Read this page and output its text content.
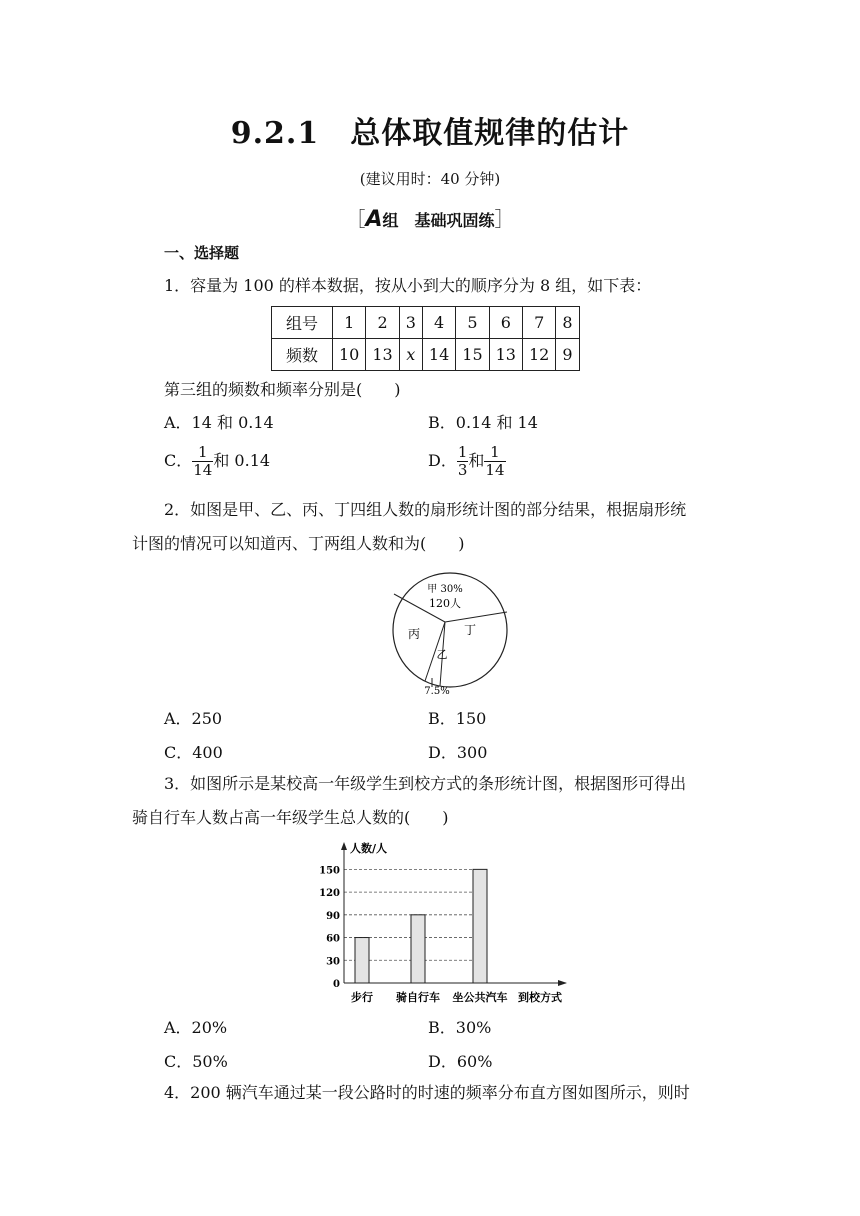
9.2.1　总体取值规律的估计
(建议用时：40 分钟)
［A组　基础巩固练］
一、选择题
1．容量为 100 的样本数据，按从小到大的顺序分为 8 组，如下表：
组号	1	2	3	4	5	6	7	8
频数	10	13	x	14	15	13	12	9
第三组的频数和频率分别是(　　)
A．14 和 0.14	B．0.14 和 14
C． $\frac{1}{14}$ 和 0.14	D． $\frac{1}{3}$ 和 $\frac{1}{14}$
2．如图是甲、乙、丙、丁四组人数的扇形统计图的部分结果，根据扇形统
计图的情况可以知道丙、丁两组人数和为(　　)
甲 30%
120人
丙	丁
乙
7.5%
A．250	B．150
C．400	D．300
3．如图所示是某校高一年级学生到校方式的条形统计图，根据图形可得出
骑自行车人数占高一年级学生总人数的(　　)
0
30
60
90
120
150
步行 骑自行车 坐公共汽车
人数/人
到校方式
A．20%	B．30%
C．50%	D．60%
4．200 辆汽车通过某一段公路时的时速的频率分布直方图如图所示，则时
